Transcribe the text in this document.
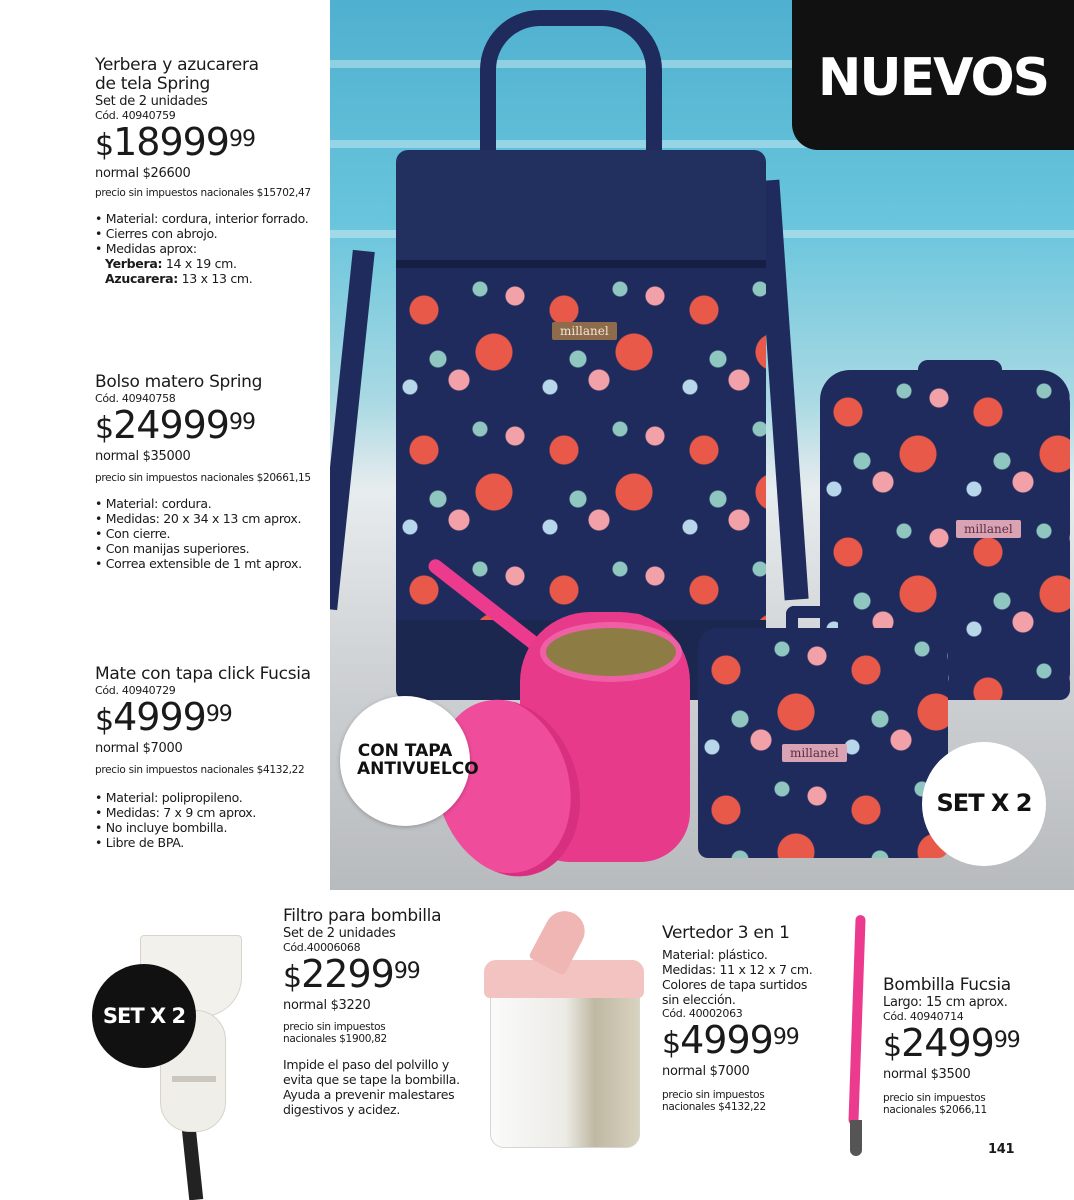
millanel
millanel
millanel
NUEVOS
CON TAPA ANTIVUELCO
SET X 2
Yerbera y azucarera
de tela Spring
Set de 2 unidades
Cód. 40940759
$18999$^{99}$
normal $26600
precio sin impuestos nacionales $15702,47
• Material: cordura, interior forrado.
• Cierres con abrojo.
• Medidas aprox:
Yerbera: 14 x 19 cm.
Azucarera: 13 x 13 cm.
Bolso matero Spring
Cód. 40940758
$24999$^{99}$
normal $35000
precio sin impuestos nacionales $20661,15
• Material: cordura.
• Medidas: 20 x 34 x 13 cm aprox.
• Con cierre.
• Con manijas superiores.
• Correa extensible de 1 mt aprox.
Mate con tapa click Fucsia
Cód. 40940729
$4999$^{99}$
normal $7000
precio sin impuestos nacionales $4132,22
• Material: polipropileno.
• Medidas: 7 x 9 cm aprox.
• No incluye bombilla.
• Libre de BPA.
SET X 2
Filtro para bombilla
Set de 2 unidades
Cód.40006068
$2299$^{99}$
normal $3220
precio sin impuestos
nacionales $1900,82
Impide el paso del polvillo y
evita que se tape la bombilla.
Ayuda a prevenir malestares
digestivos y acidez.
Vertedor 3 en 1
Material: plástico.
Medidas: 11 x 12 x 7 cm.
Colores de tapa surtidos
sin elección.
Cód. 40002063
$4999$^{99}$
normal $7000
precio sin impuestos
nacionales $4132,22
Bombilla Fucsia
Largo: 15 cm aprox.
Cód. 40940714
$2499$^{99}$
normal $3500
precio sin impuestos
nacionales $2066,11
141
